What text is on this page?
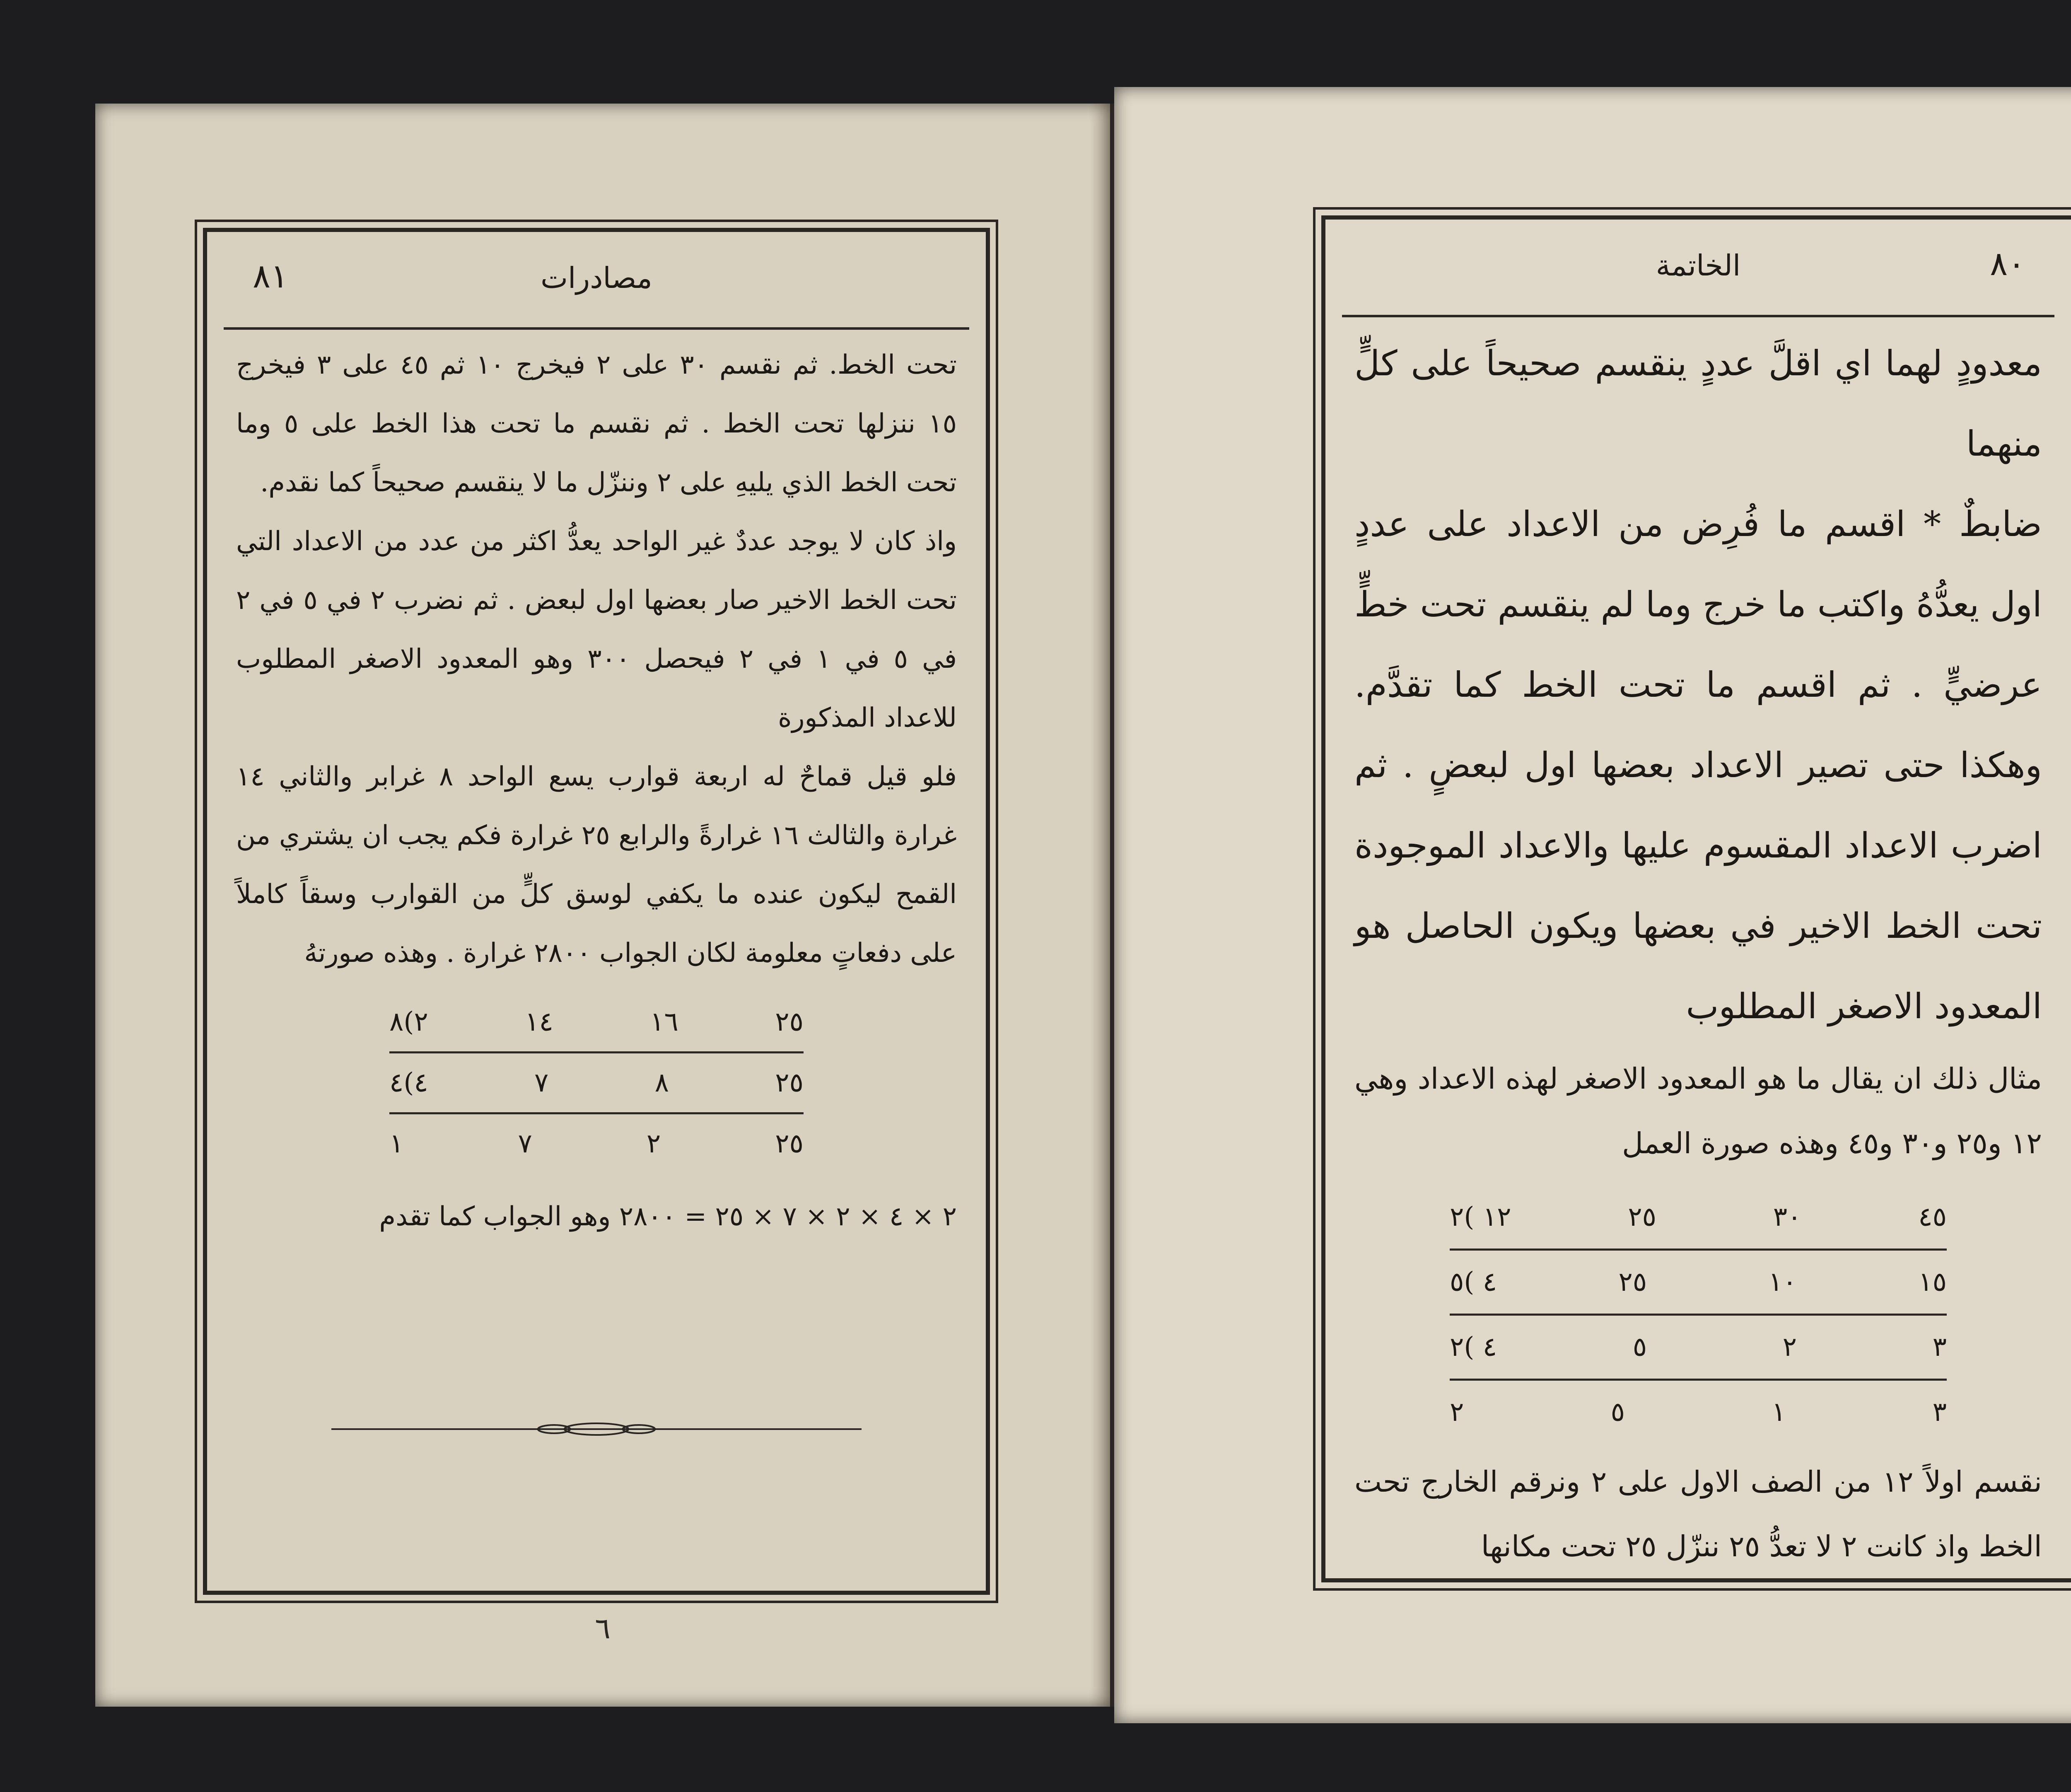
مصادرات
٨١

تحت الخط. ثم نقسم ٣٠ على ٢ فيخرج ١٠ ثم ٤٥ على ٣ فيخرج ١٥ ننزلها تحت الخط . ثم نقسم ما تحت هذا الخط على ٥ وما تحت الخط الذي يليهِ على ٢ وننزّل ما لا ينقسم صحيحاً كما نقدم.

واذ كان لا يوجد عددٌ غير الواحد يعدُّ اكثر من عدد من الاعداد التي تحت الخط الاخير صار بعضها اول لبعض . ثم نضرب ٢ في ٥ في ٢ في ٥ في ١ في ٢ فيحصل ٣٠٠ وهو المعدود الاصغر المطلوب للاعداد المذكورة

فلو قيل قماحٌ له اربعة قوارب يسع الواحد ٨ غرابر والثاني ١٤ غرارة والثالث ١٦ غرارةً والرابع ٢٥ غرارة فكم يجب ان يشتري من القمح ليكون عنده ما يكفي لوسق كلٍّ من القوارب وسقاً كاملاً على دفعاتٍ معلومة لكان الجواب ٢٨٠٠ غرارة . وهذه صورتهُ

٢٥
١٦
١٤
٢)٨
٢٥
٨
٧
٤)٤
٢٥
٢
٧
١

٢ × ٤ × ٢ × ٧ × ٢٥ = ٢٨٠٠ وهو الجواب كما تقدم

٦
الخاتمة	٨٠

معدودٍ لهما اي اقلَّ عددٍ ينقسم صحيحاً على كلٍّ منهما

ضابطٌ * اقسم ما فُرِض من الاعداد على عددٍ اول يعدُّهُ واكتب ما خرج وما لم ينقسم تحت خطٍّ عرضيٍّ . ثم اقسم ما تحت الخط كما تقدَّم. وهكذا حتى تصير الاعداد بعضها اول لبعضٍ . ثم اضرب الاعداد المقسوم عليها والاعداد الموجودة تحت الخط الاخير في بعضها ويكون الحاصل هو المعدود الاصغر المطلوب

مثال ذلك ان يقال ما هو المعدود الاصغر لهذه الاعداد وهي ١٢ و٢٥ و٣٠ و٤٥ وهذه صورة العمل

٤٥
٣٠
٢٥
١٢ )٢
١٥
١٠
٢٥
٤ )٥
٣
٢
٥
٤ )٢
٣
١
٥
٢

نقسم اولاً ١٢ من الصف الاول على ٢ ونرقم الخارج تحت الخط واذ كانت ٢ لا تعدُّ ٢٥ ننزّل ٢٥ تحت مكانها
